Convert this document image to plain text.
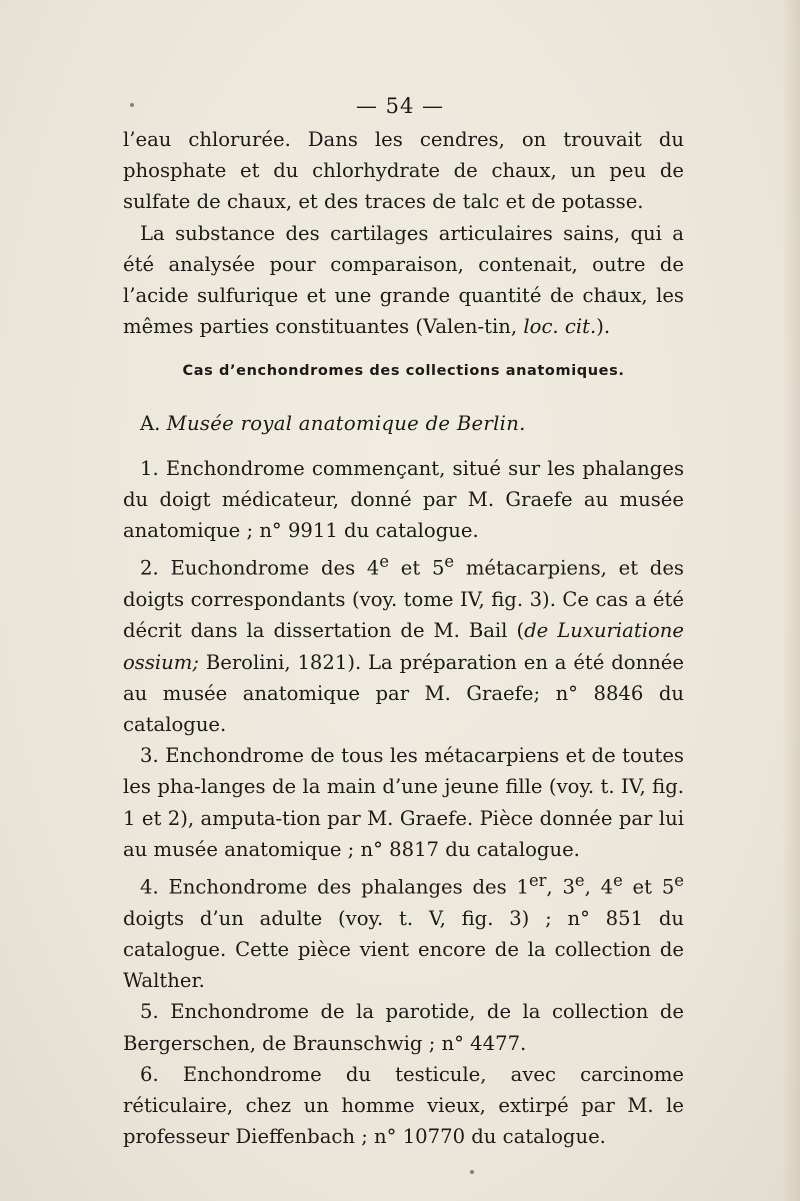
— 54 —

l’eau chlorurée. Dans les cendres, on trouvait du phosphate et du chlorhydrate de chaux, un peu de sulfate de chaux, et des traces de talc et de potasse.

La substance des cartilages articulaires sains, qui a été analysée pour comparaison, contenait, outre de l’acide sulfurique et une grande quantité de chaux, les mêmes parties constituantes (Valen-tin, loc. cit.).

Cas d’enchondromes des collections anatomiques.

A. Musée royal anatomique de Berlin.

1. Enchondrome commençant, situé sur les phalanges du doigt médicateur, donné par M. Graefe au musée anatomique ; n° 9911 du catalogue.

2. Euchondrome des 4e et 5e métacarpiens, et des doigts correspondants (voy. tome IV, fig. 3). Ce cas a été décrit dans la dissertation de M. Bail (de Luxuriatione ossium; Berolini, 1821). La préparation en a été donnée au musée anatomique par M. Graefe; n° 8846 du catalogue.

3. Enchondrome de tous les métacarpiens et de toutes les pha-langes de la main d’une jeune fille (voy. t. IV, fig. 1 et 2), amputa-tion par M. Graefe. Pièce donnée par lui au musée anatomique ; n° 8817 du catalogue.

4. Enchondrome des phalanges des 1er, 3e, 4e et 5e doigts d’un adulte (voy. t. V, fig. 3) ; n° 851 du catalogue. Cette pièce vient encore de la collection de Walther.

5. Enchondrome de la parotide, de la collection de Bergerschen, de Braunschwig ; n° 4477.

6. Enchondrome du testicule, avec carcinome réticulaire, chez un homme vieux, extirpé par M. le professeur Dieffenbach ; n° 10770 du catalogue.
